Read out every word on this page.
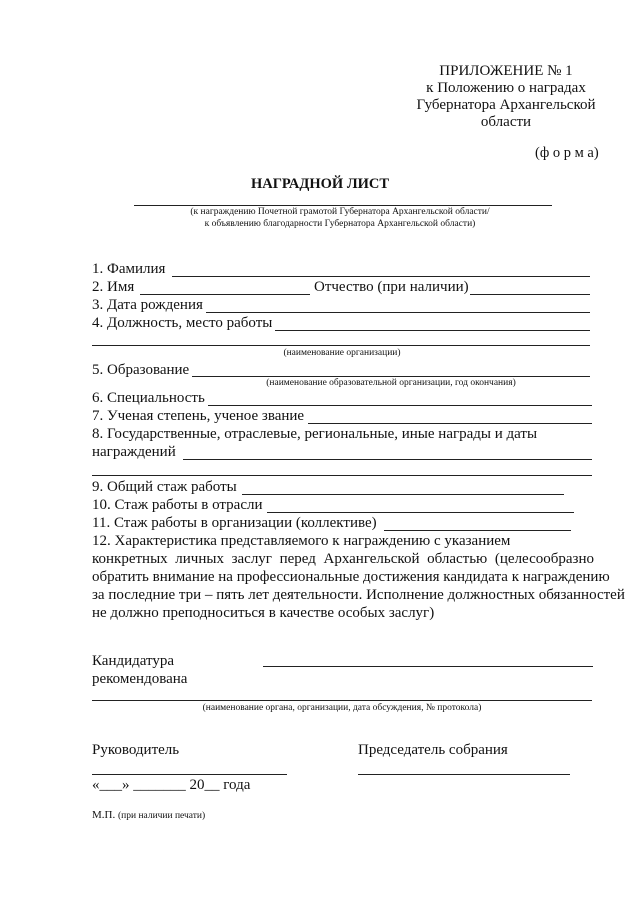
ПРИЛОЖЕНИЕ № 1
к Положению о наградах
Губернатора Архангельской
области
(ф о р м а)
НАГРАДНОЙ ЛИСТ
(к награждению Почетной грамотой Губернатора Архангельской области/
к объявлению благодарности Губернатора Архангельской области)
1. Фамилия
2. Имя	Отчество (при наличии)
3. Дата рождения
4. Должность, место работы
(наименование организации)
5. Образование
(наименование образовательной организации, год окончания)
6. Специальность
7. Ученая степень, ученое звание
8. Государственные, отраслевые, региональные, иные награды и даты
награждений
9. Общий стаж работы
10. Стаж работы в отрасли
11. Стаж работы в организации (коллективе)
12. Характеристика представляемого к награждению с указанием
конкретных личных заслуг перед Архангельской областью (целесообразно
обратить внимание на профессиональные достижения кандидата к награждению
за последние три – пять лет деятельности. Исполнение должностных обязанностей
не должно преподноситься в качестве особых заслуг)
Кандидатура
рекомендована
(наименование органа, организации, дата обсуждения, № протокола)
Руководитель	Председатель собрания
«___» _______ 20__ года
М.П. (при наличии печати)
